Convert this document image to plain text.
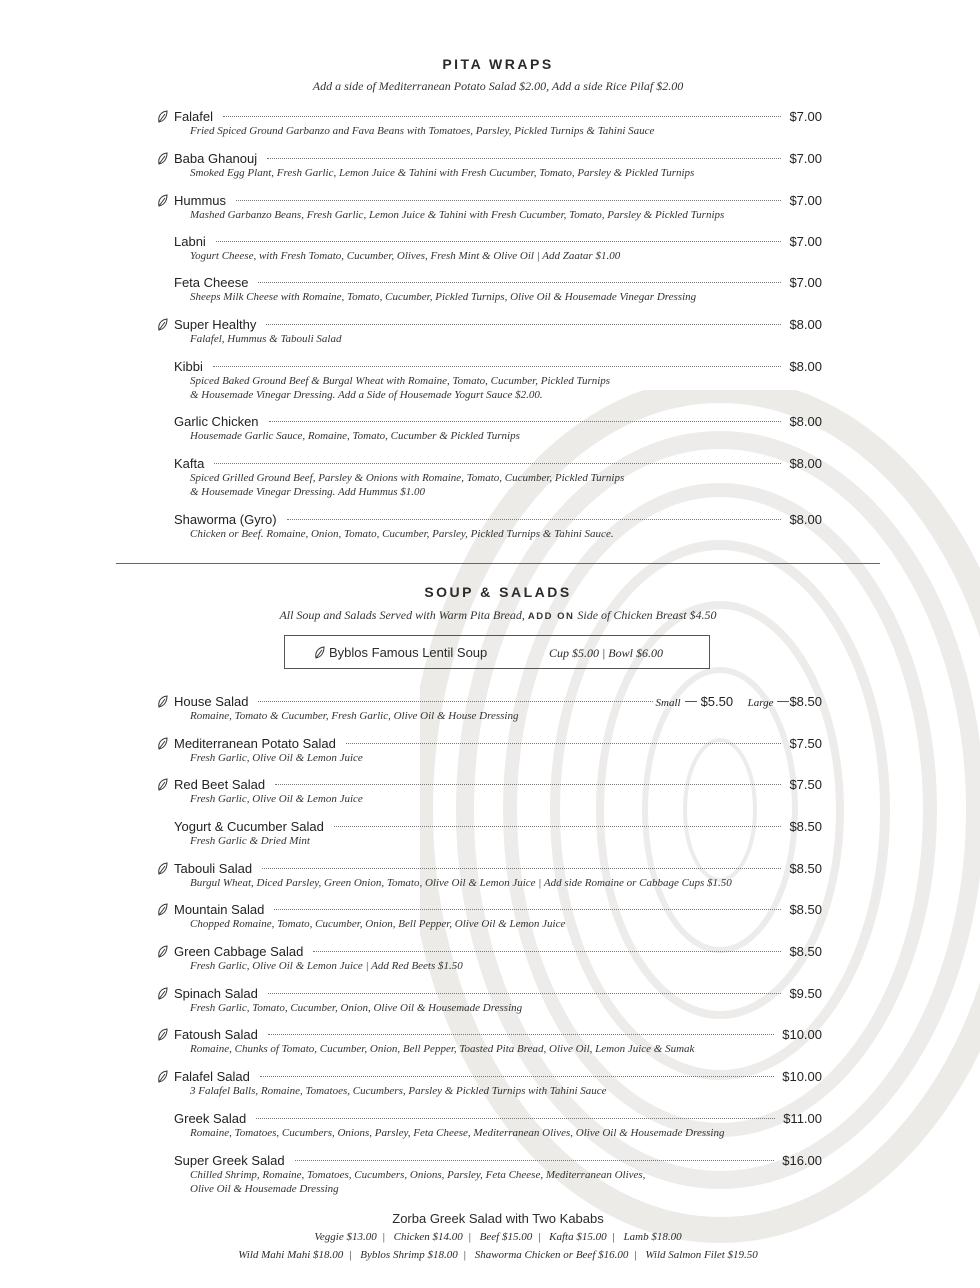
PITA WRAPS
Add a side of Mediterranean Potato Salad $2.00, Add a side Rice Pilaf $2.00
Falafel	$7.00
Fried Spiced Ground Garbanzo and Fava Beans with Tomatoes, Parsley, Pickled Turnips & Tahini Sauce
Baba Ghanouj	$7.00
Smoked Egg Plant, Fresh Garlic, Lemon Juice & Tahini with Fresh Cucumber, Tomato, Parsley & Pickled Turnips
Hummus	$7.00
Mashed Garbanzo Beans, Fresh Garlic, Lemon Juice & Tahini with Fresh Cucumber, Tomato, Parsley & Pickled Turnips
Labni	$7.00
Yogurt Cheese, with Fresh Tomato, Cucumber, Olives, Fresh Mint & Olive Oil | Add Zaatar $1.00
Feta Cheese	$7.00
Sheeps Milk Cheese with Romaine, Tomato, Cucumber, Pickled Turnips, Olive Oil & Housemade Vinegar Dressing
Super Healthy	$8.00
Falafel, Hummus & Tabouli Salad
Kibbi	$8.00
Spiced Baked Ground Beef & Burgal Wheat with Romaine, Tomato, Cucumber, Pickled Turnips
& Housemade Vinegar Dressing. Add a Side of Housemade Yogurt Sauce $2.00.
Garlic Chicken	$8.00
Housemade Garlic Sauce, Romaine, Tomato, Cucumber & Pickled Turnips
Kafta	$8.00
Spiced Grilled Ground Beef, Parsley & Onions with Romaine, Tomato, Cucumber, Pickled Turnips
& Housemade Vinegar Dressing. Add Hummus $1.00
Shaworma (Gyro)	$8.00
Chicken or Beef. Romaine, Onion, Tomato, Cucumber, Parsley, Pickled Turnips & Tahini Sauce.
SOUP & SALADS
All Soup and Salads Served with Warm Pita Bread, ADD ON Side of Chicken Breast $4.50
Byblos Famous Lentil Soup	Cup $5.00 | Bowl $6.00
House Salad	Small $5.50 Large $8.50
Romaine, Tomato & Cucumber, Fresh Garlic, Olive Oil & House Dressing
Mediterranean Potato Salad	$7.50
Fresh Garlic, Olive Oil & Lemon Juice
Red Beet Salad	$7.50
Fresh Garlic, Olive Oil & Lemon Juice
Yogurt & Cucumber Salad	$8.50
Fresh Garlic & Dried Mint
Tabouli Salad	$8.50
Burgul Wheat, Diced Parsley, Green Onion, Tomato, Olive Oil & Lemon Juice | Add side Romaine or Cabbage Cups $1.50
Mountain Salad	$8.50
Chopped Romaine, Tomato, Cucumber, Onion, Bell Pepper, Olive Oil & Lemon Juice
Green Cabbage Salad	$8.50
Fresh Garlic, Olive Oil & Lemon Juice | Add Red Beets $1.50
Spinach Salad	$9.50
Fresh Garlic, Tomato, Cucumber, Onion, Olive Oil & Housemade Dressing
Fatoush Salad	$10.00
Romaine, Chunks of Tomato, Cucumber, Onion, Bell Pepper, Toasted Pita Bread, Olive Oil, Lemon Juice & Sumak
Falafel Salad	$10.00
3 Falafel Balls, Romaine, Tomatoes, Cucumbers, Parsley & Pickled Turnips with Tahini Sauce
Greek Salad	$11.00
Romaine, Tomatoes, Cucumbers, Onions, Parsley, Feta Cheese, Mediterranean Olives, Olive Oil & Housemade Dressing
Super Greek Salad	$16.00
Chilled Shrimp, Romaine, Tomatoes, Cucumbers, Onions, Parsley, Feta Cheese, Mediterranean Olives,
Olive Oil & Housemade Dressing
Zorba Greek Salad with Two Kababs
Veggie $13.00 | Chicken $14.00 | Beef $15.00 | Kafta $15.00 | Lamb $18.00
Wild Mahi Mahi $18.00 | Byblos Shrimp $18.00 | Shaworma Chicken or Beef $16.00 | Wild Salmon Filet $19.50
